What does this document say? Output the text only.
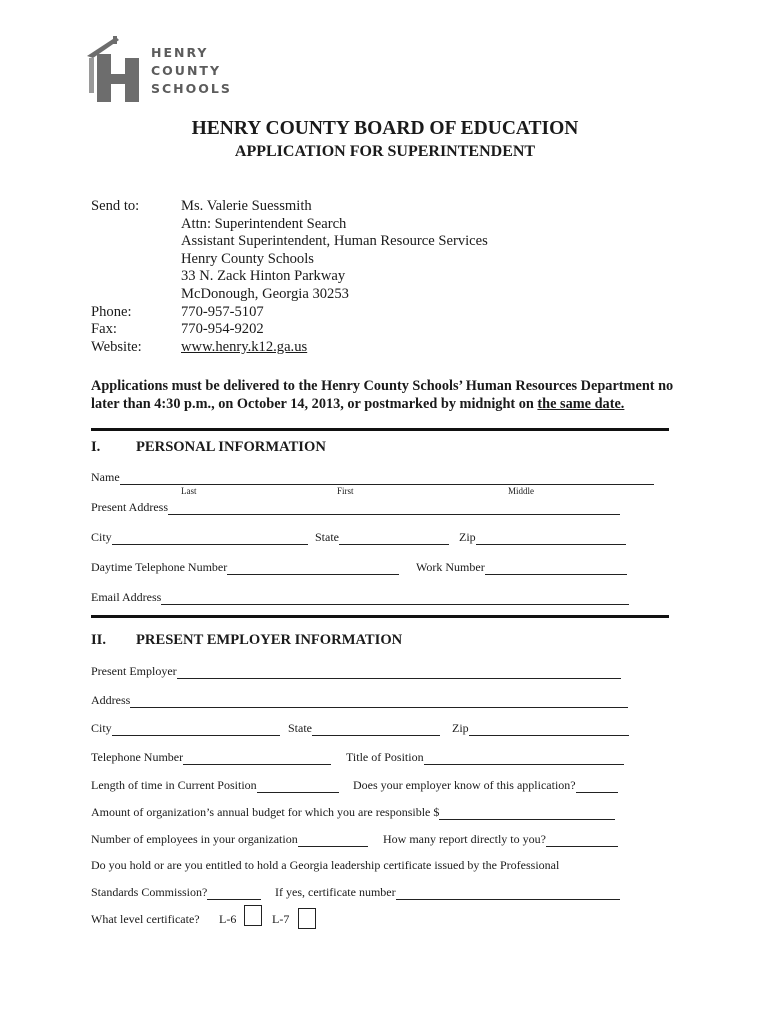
HENRY
COUNTY
SCHOOLS
HENRY COUNTY BOARD OF EDUCATION
APPLICATION FOR SUPERINTENDENT
Send to:	Ms. Valerie Suessmith
Attn: Superintendent Search
Assistant Superintendent, Human Resource Services
Henry County Schools
33 N. Zack Hinton Parkway
McDonough, Georgia 30253
Phone:	770-957-5107
Fax:	770-954-9202
Website:	www.henry.k12.ga.us
Applications must be delivered to the Henry County Schools’ Human Resources Department no later than 4:30 p.m., on October 14, 2013, or postmarked by midnight on the same date.
I. PERSONAL INFORMATION
Name
Last	First	Middle
Present Address
City	State	Zip
Daytime Telephone Number	Work Number
Email Address
II. PRESENT EMPLOYER INFORMATION
Present Employer
Address
City	State	Zip
Telephone Number	Title of Position
Length of time in Current Position	Does your employer know of this application?
Amount of organization’s annual budget for which you are responsible $
Number of employees in your organization	How many report directly to you?
Do you hold or are you entitled to hold a Georgia leadership certificate issued by the Professional
Standards Commission?	If yes, certificate number
What level certificate? L-6	L-7
